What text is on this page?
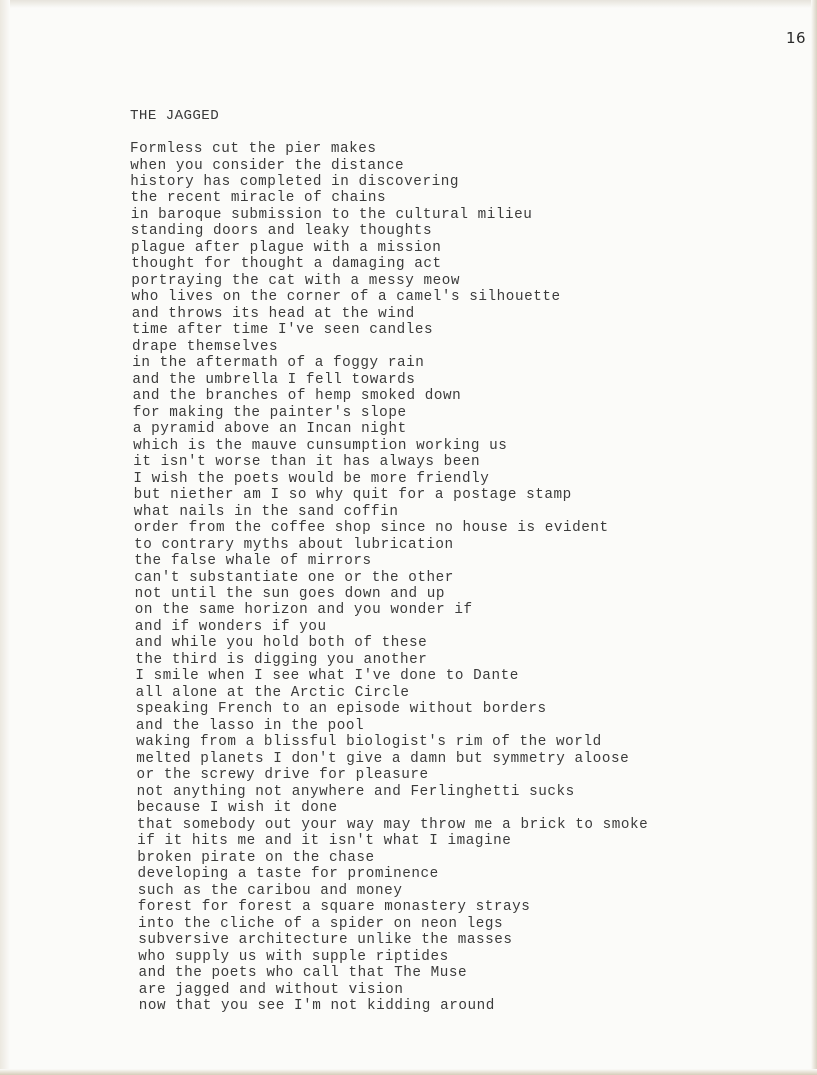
16
THE JAGGED
Formless cut the pier makes
when you consider the distance
history has completed in discovering
the recent miracle of chains
in baroque submission to the cultural milieu
standing doors and leaky thoughts
plague after plague with a mission
thought for thought a damaging act
portraying the cat with a messy meow
who lives on the corner of a camel's silhouette
and throws its head at the wind
time after time I've seen candles
drape themselves
in the aftermath of a foggy rain
and the umbrella I fell towards
and the branches of hemp smoked down
for making the painter's slope
a pyramid above an Incan night
which is the mauve cunsumption working us
it isn't worse than it has always been
I wish the poets would be more friendly
but niether am I so why quit for a postage stamp
what nails in the sand coffin
order from the coffee shop since no house is evident
to contrary myths about lubrication
the false whale of mirrors
can't substantiate one or the other
not until the sun goes down and up
on the same horizon and you wonder if
and if wonders if you
and while you hold both of these
the third is digging you another
I smile when I see what I've done to Dante
all alone at the Arctic Circle
speaking French to an episode without borders
and the lasso in the pool
waking from a blissful biologist's rim of the world
melted planets I don't give a damn but symmetry aloose
or the screwy drive for pleasure
not anything not anywhere and Ferlinghetti sucks
because I wish it done
that somebody out your way may throw me a brick to smoke
if it hits me and it isn't what I imagine
broken pirate on the chase
developing a taste for prominence
such as the caribou and money
forest for forest a square monastery strays
into the cliche of a spider on neon legs
subversive architecture unlike the masses
who supply us with supple riptides
and the poets who call that The Muse
are jagged and without vision
now that you see I'm not kidding around
